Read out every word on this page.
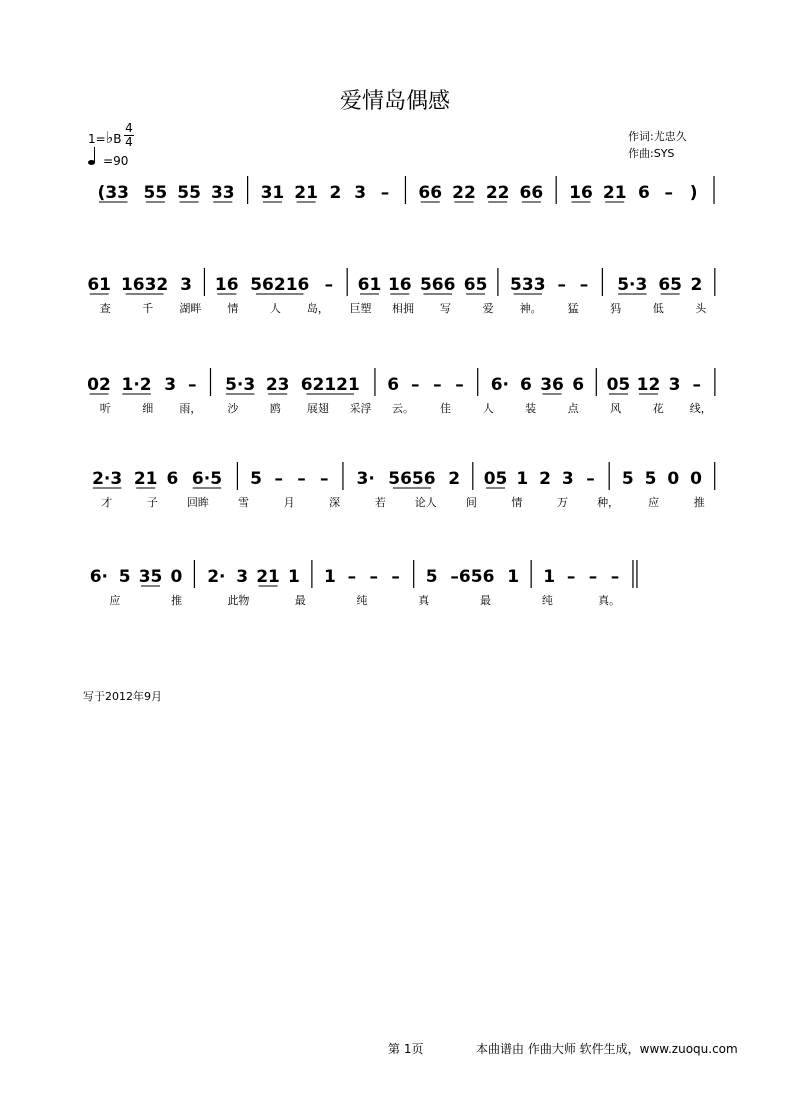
爱情岛偶感
1=♭B
4
4
=90
作词:尤忠久
作曲:SYS
(33 55 55 33 31 21 2 3 – 66 22 22 66 16 21 6 – )
61 1632 3 16 56216 – 61 16 566 65 533 – – 5·3 65 2
查	千 湖畔 情	人 岛， 巨塑 相拥 写	爱 神。 猛	犸	低	头
02 1·2 3 – 5·3 23 62121 6 – – – 6· 6 36 6 05 12 3 –
听	细 雨， 沙	鸥 展翅 采浮 云。 佳	人	装	点	风	花 线，
2·3 21 6 6·5 5 – – – 3· 5656 2 05 1 2 3 – 5 5 0 0
才	子	回眸	雪	月	深	若	论人	间	情	万	种，	应	推
6· 5 35 0 2· 3 21 1 1 – – – 5 –656 1 1 – – –
应	推	此物	最	纯	真	最	纯	真。
写于2012年9月
第 1页	本曲谱由 作曲大师 软件生成，www.zuoqu.com
